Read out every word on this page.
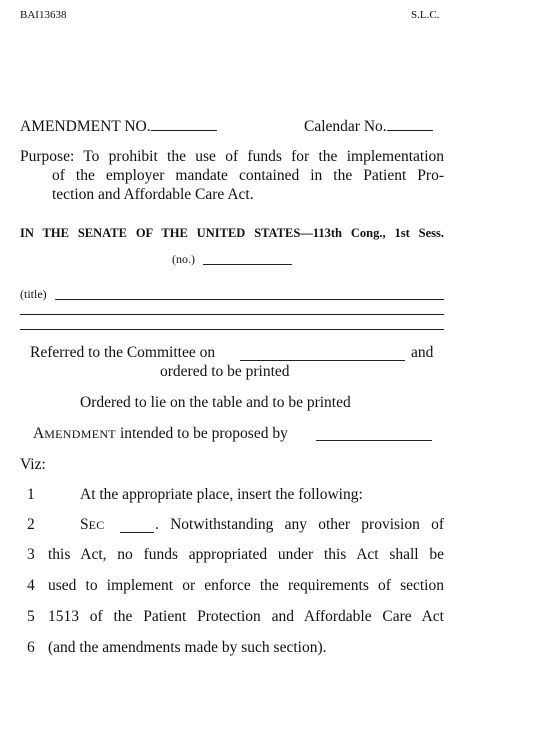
BAI13638	S.L.C.
AMENDMENT NO.	Calendar No.
Purpose: To prohibit the use of funds for the implementation
of the employer mandate contained in the Patient Pro-
tection and Affordable Care Act.
IN THE SENATE OF THE UNITED STATES—113th Cong., 1st Sess.
(no.)
(title)
Referred to the Committee on	and
ordered to be printed
Ordered to lie on the table and to be printed
AMENDMENT intended to be proposed by
Viz:
1	At the appropriate place, insert the following:
2	SEC	. Notwithstanding any other provision of
3 this Act, no funds appropriated under this Act shall be
4 used to implement or enforce the requirements of section
5 1513 of the Patient Protection and Affordable Care Act
6 (and the amendments made by such section).
